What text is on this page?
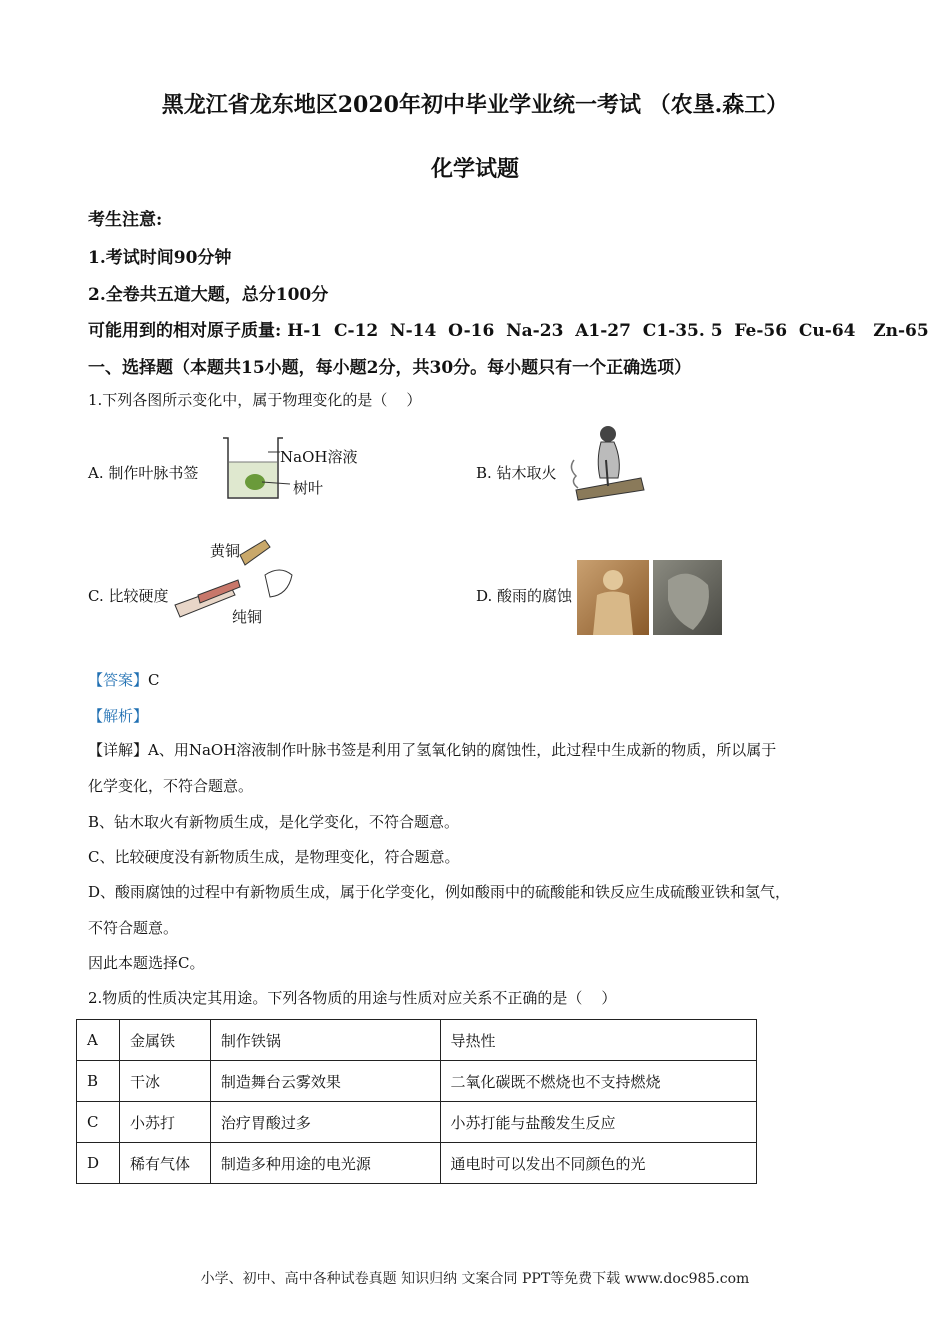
黑龙江省龙东地区2020年初中毕业学业统一考试 （农垦.森工）
化学试题
考生注意:
1.考试时间90分钟
2.全卷共五道大题，总分100分
可能用到的相对原子质量: H-1  C-12  N-14  O-16  Na-23  A1-27  C1-35. 5  Fe-56  Cu-64   Zn-65
一、选择题（本题共15小题，每小题2分，共30分。每小题只有一个正确选项）
1.下列各图所示变化中，属于物理变化的是（    ）
A. 制作叶脉书签
NaOH溶液
树叶
B. 钻木取火
C. 比较硬度
黄铜
纯铜
D. 酸雨的腐蚀
【答案】C
【解析】
【详解】A、用NaOH溶液制作叶脉书签是利用了氢氧化钠的腐蚀性，此过程中生成新的物质，所以属于
化学变化，不符合题意。
B、钻木取火有新物质生成，是化学变化，不符合题意。
C、比较硬度没有新物质生成，是物理变化，符合题意。
D、酸雨腐蚀的过程中有新物质生成，属于化学变化，例如酸雨中的硫酸能和铁反应生成硫酸亚铁和氢气，
不符合题意。
因此本题选择C。
2.物质的性质决定其用途。下列各物质的用途与性质对应关系不正确的是（    ）
A	金属铁	制作铁锅	导热性
B	干冰	制造舞台云雾效果	二氧化碳既不燃烧也不支持燃烧
C	小苏打	治疗胃酸过多	小苏打能与盐酸发生反应
D	稀有气体	制造多种用途的电光源	通电时可以发出不同颜色的光
小学、初中、高中各种试卷真题 知识归纳 文案合同 PPT等免费下载 www.doc985.com
